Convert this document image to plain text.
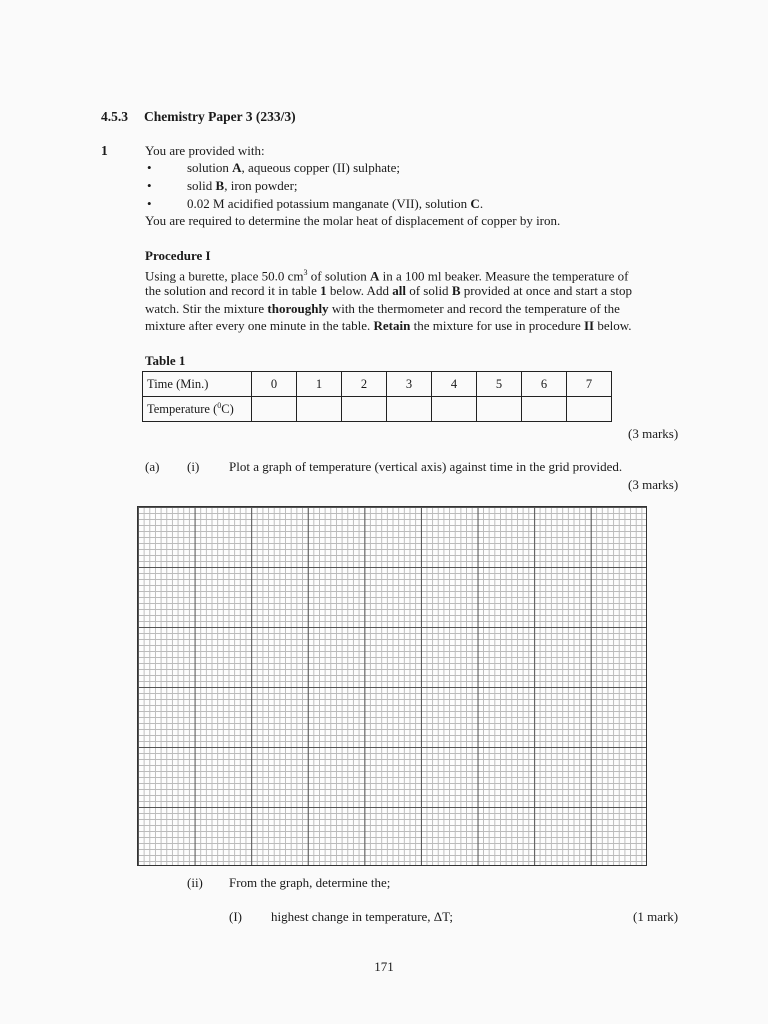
4.5.3 Chemistry Paper 3 (233/3)
1	You are provided with:
•	solution A, aqueous copper (II) sulphate;
•	solid B, iron powder;
•	0.02 M acidified potassium manganate (VII), solution C.
You are required to determine the molar heat of displacement of copper by iron.
Procedure I
Using a burette, place 50.0 $cm^3$ of solution A in a 100 ml beaker. Measure the temperature of
the solution and record it in table 1 below. Add all of solid B provided at once and start a stop
watch. Stir the mixture thoroughly with the thermometer and record the temperature of the
mixture after every one minute in the table. Retain the mixture for use in procedure II below.
Table 1
Time (Min.)	0	1	2	3	4	5	6	7
Temperature ($^0$C)								
(3 marks)
(a) (i) Plot a graph of temperature (vertical axis) against time in the grid provided.
(3 marks)
(ii) From the graph, determine the;
(I) highest change in temperature, ΔT;	(1 mark)
171
